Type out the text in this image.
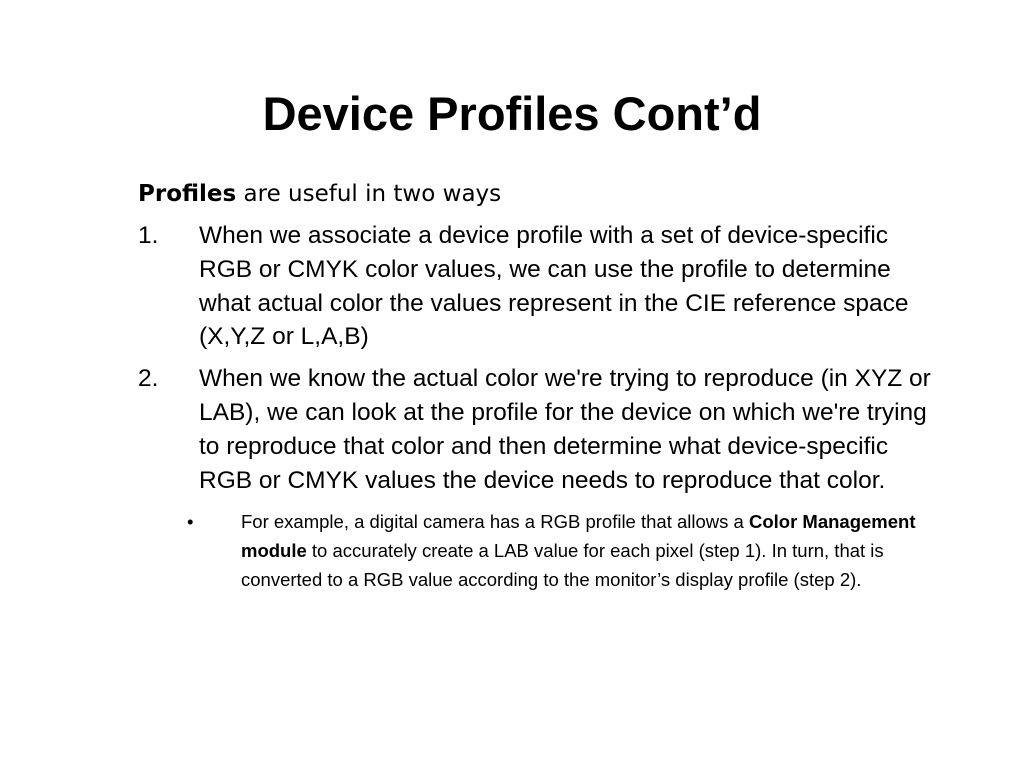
Device Profiles Cont’d

Profiles are useful in two ways

1. When we associate a device profile with a set of device-specific RGB or CMYK color values, we can use the profile to determine what actual color the values represent in the CIE reference space (X,Y,Z or L,A,B)
2. When we know the actual color we're trying to reproduce (in XYZ or LAB), we can look at the profile for the device on which we're trying to reproduce that color and then determine what device-specific RGB or CMYK values the device needs to reproduce that color.
•	For example, a digital camera has a RGB profile that allows a Color Management module to accurately create a LAB value for each pixel (step 1). In turn, that is converted to a RGB value according to the monitor’s display profile (step 2).
